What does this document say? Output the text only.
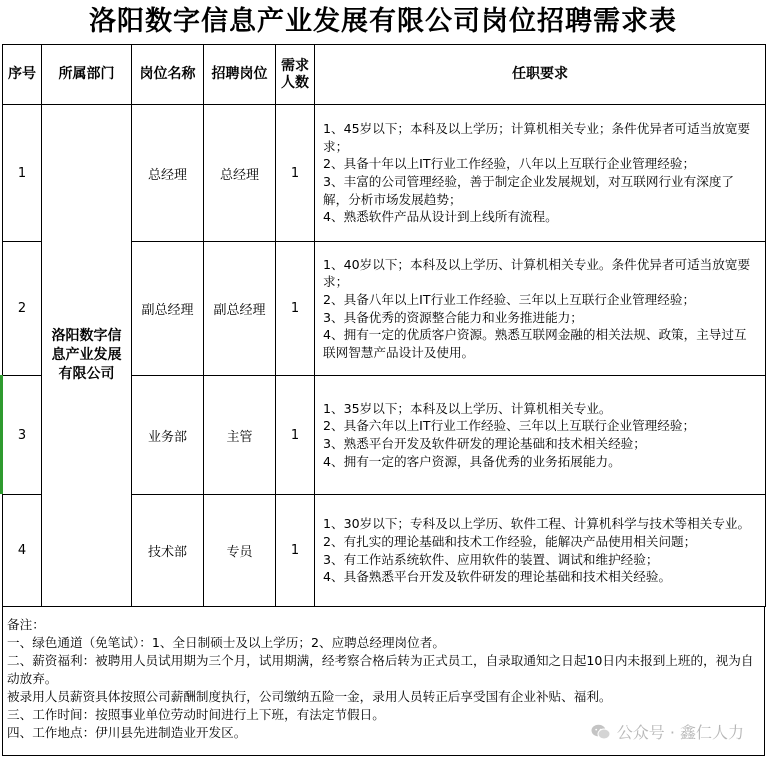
洛阳数字信息产业发展有限公司岗位招聘需求表
序号	所属部门	岗位名称	招聘岗位	需求人数	任职要求
1	洛阳数字信息产业发展有限公司	总经理	总经理	1	1、45岁以下；本科及以上学历；计算机相关专业；条件优异者可适当放宽要求；
2、具备十年以上IT行业工作经验，八年以上互联行企业管理经验；
3、丰富的公司管理经验，善于制定企业发展规划，对互联网行业有深度了解，分析市场发展趋势；
4、熟悉软件产品从设计到上线所有流程。

2		副总经理	副总经理	1	1、40岁以下；本科及以上学历、计算机相关专业。条件优异者可适当放宽要求；
2、具备八年以上IT行业工作经验、三年以上互联行企业管理经验；
3、具备优秀的资源整合能力和业务推进能力；
4、拥有一定的优质客户资源。熟悉互联网金融的相关法规、政策，主导过互联网智慧产品设计及使用。

3		业务部	主管	1	1、35岁以下；本科及以上学历、计算机相关专业。
2、具备六年以上IT行业工作经验、三年以上互联行企业管理经验；
3、熟悉平台开发及软件研发的理论基础和技术相关经验；
4、拥有一定的客户资源，具备优秀的业务拓展能力。

4		技术部	专员	1	1、30岁以下；专科及以上学历、软件工程、计算机科学与技术等相关专业。
2、有扎实的理论基础和技术工作经验，能解决产品使用相关问题；
3、有工作站系统软件、应用软件的装置、调试和维护经验；
4、具备熟悉平台开发及软件研发的理论基础和技术相关经验。
备注：
一、绿色通道（免笔试）：1、全日制硕士及以上学历；2、应聘总经理岗位者。
二、薪资福利：被聘用人员试用期为三个月，试用期满，经考察合格后转为正式员工，自录取通知之日起10日内未报到上班的，视为自动放弃。
被录用人员薪资具体按照公司薪酬制度执行，公司缴纳五险一金，录用人员转正后享受国有企业补贴、福利。
三、工作时间：按照事业单位劳动时间进行上下班，有法定节假日。
四、工作地点：伊川县先进制造业开发区。	公众号 · 鑫仁人力
